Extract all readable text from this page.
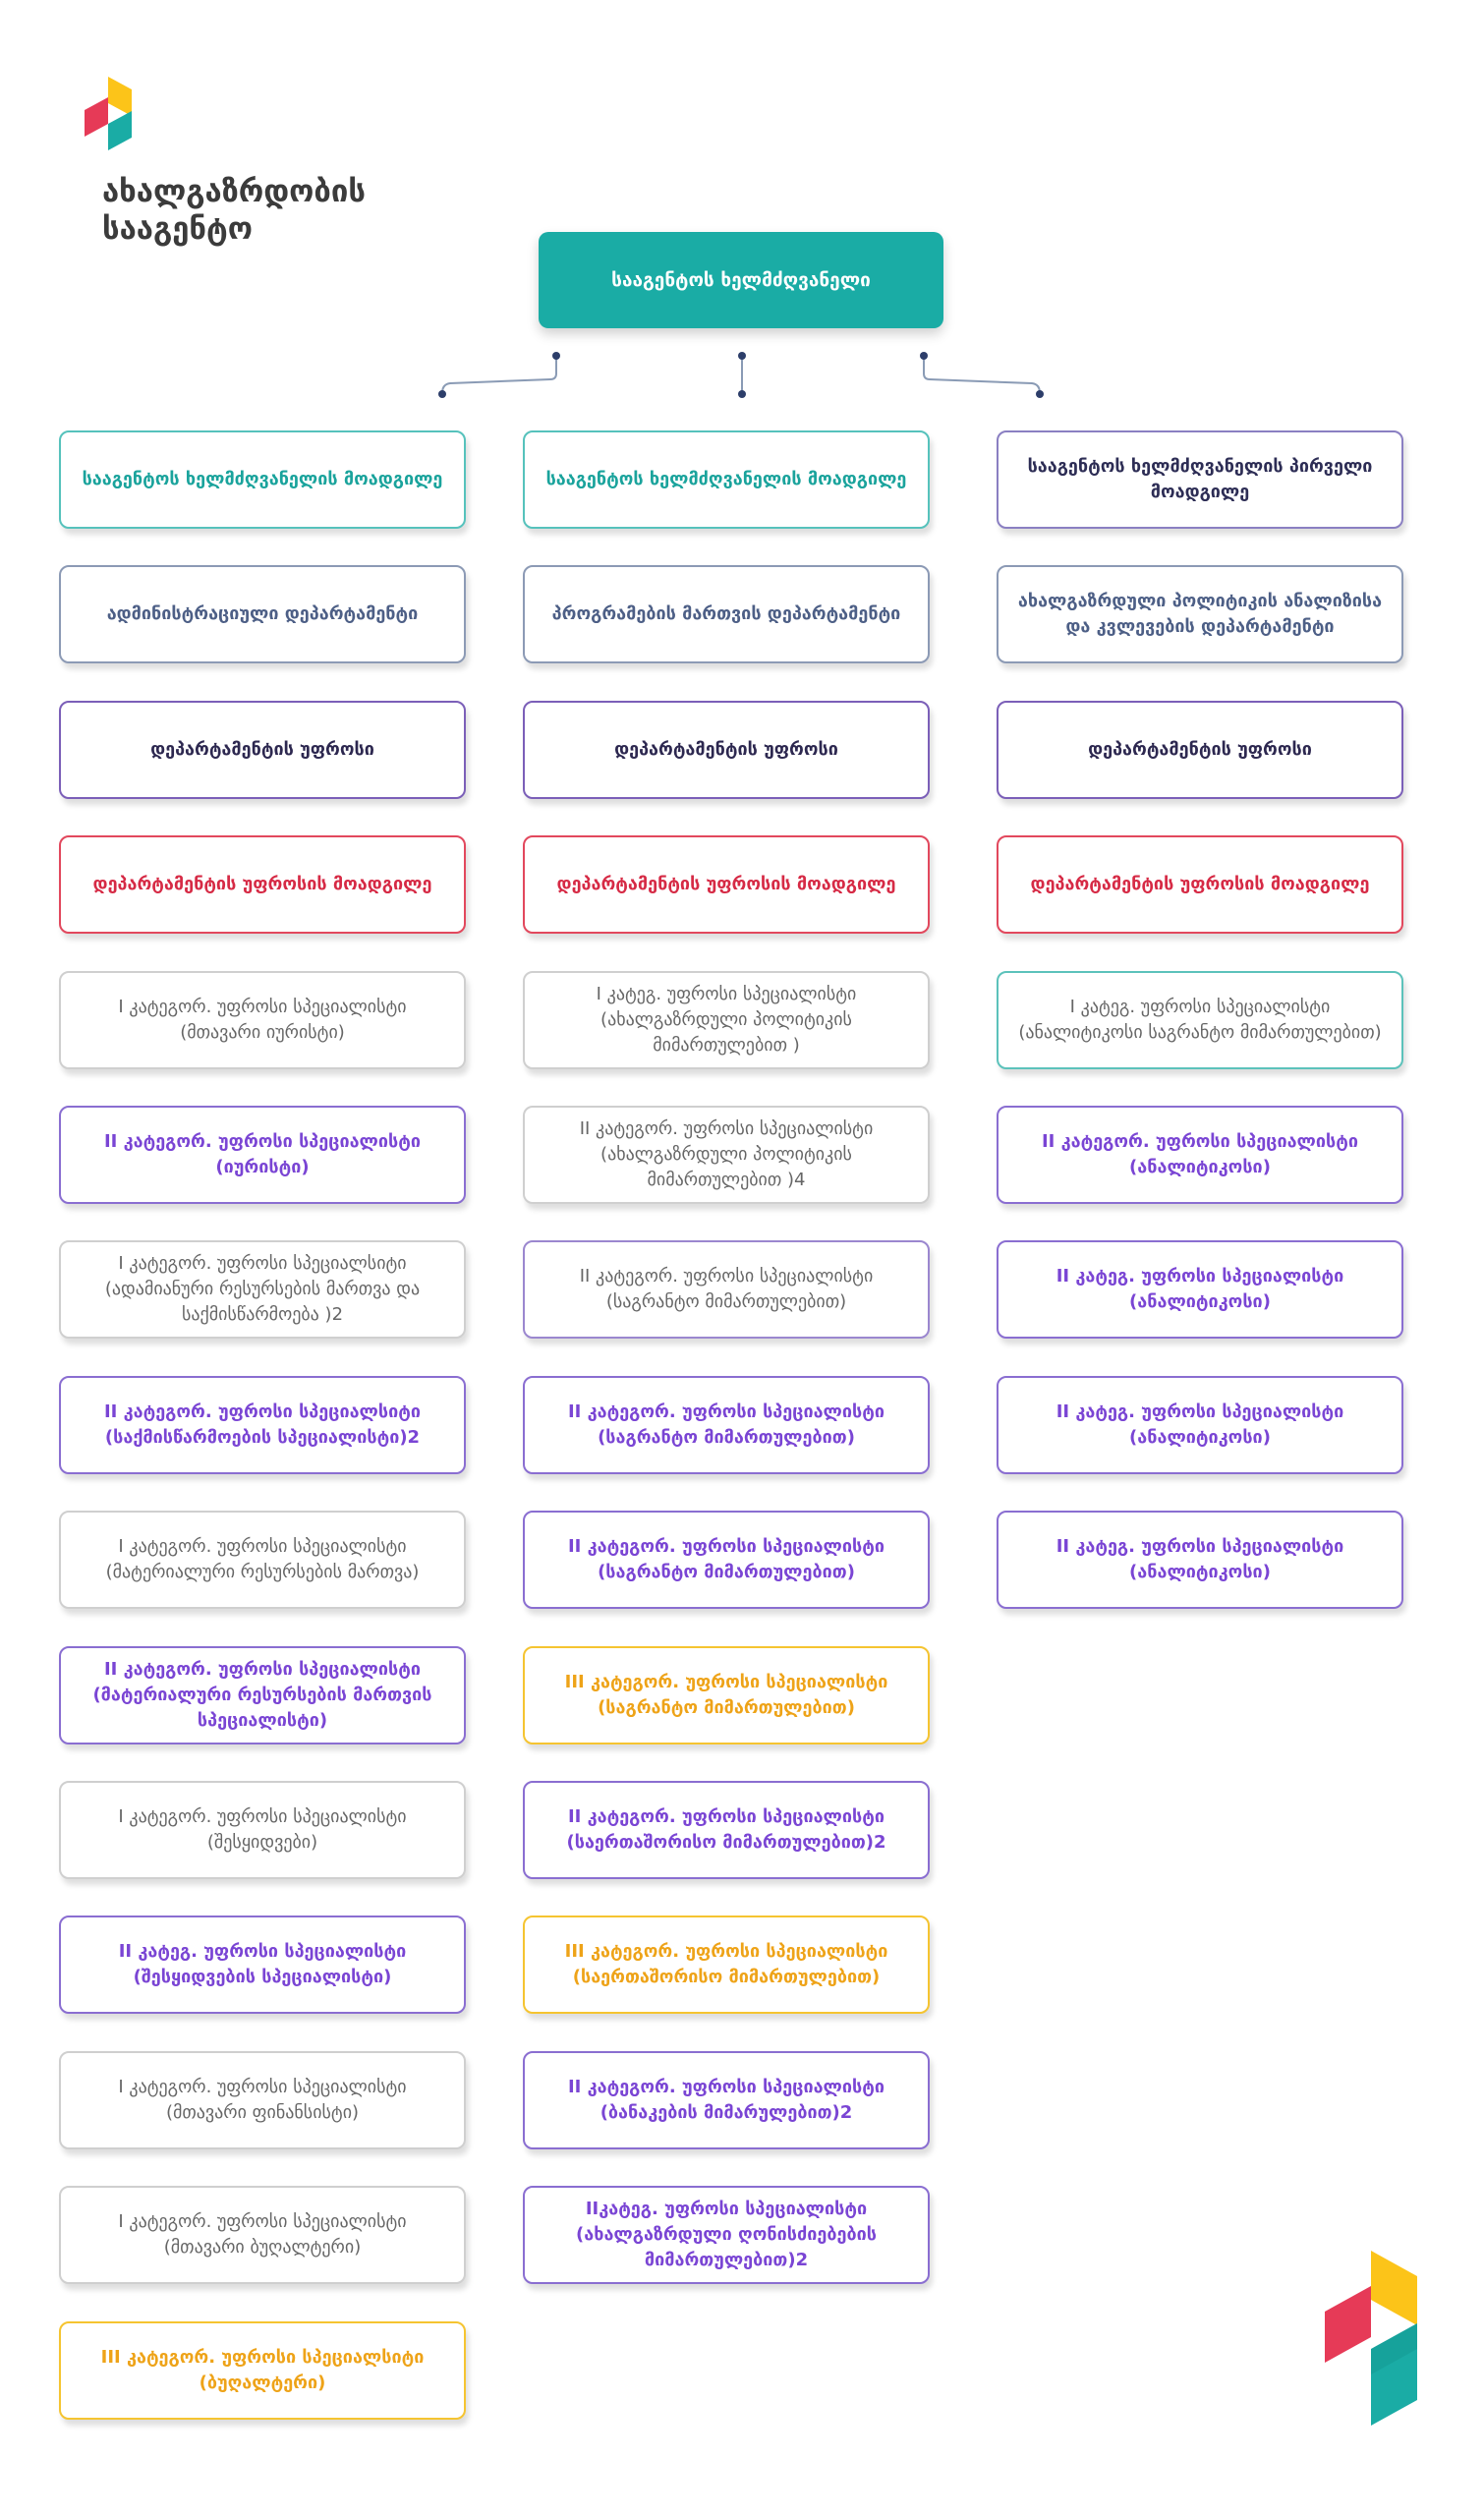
ახალგაზრდობის
სააგენტო
სააგენტოს ხელმძღვანელი
სააგენტოს ხელმძღვანელის მოადგილე
ადმინისტრაციული დეპარტამენტი
დეპარტამენტის უფროსი
დეპარტამენტის უფროსის მოადგილე
I კატეგორ. უფროსი სპეციალისტი (მთავარი იურისტი)
II კატეგორ. უფროსი სპეციალისტი (იურისტი)
I კატეგორ. უფროსი სპეციალსიტი (ადამიანური რესურსების მართვა და საქმისწარმოება )2
II კატეგორ. უფროსი სპეციალსიტი (საქმისწარმოების სპეციალისტი)2
I კატეგორ. უფროსი სპეციალისტი (მატერიალური რესურსების მართვა)
II კატეგორ. უფროსი სპეციალისტი (მატერიალური რესურსების მართვის სპეციალისტი)
I კატეგორ. უფროსი სპეციალისტი (შესყიდვები)
II კატეგ. უფროსი სპეციალისტი (შესყიდვების სპეციალისტი)
I კატეგორ. უფროსი სპეციალისტი (მთავარი ფინანსისტი)
I კატეგორ. უფროსი სპეციალისტი (მთავარი ბუღალტერი)
III კატეგორ. უფროსი სპეციალსიტი (ბუღალტერი)
სააგენტოს ხელმძღვანელის მოადგილე
პროგრამების მართვის დეპარტამენტი
დეპარტამენტის უფროსი
დეპარტამენტის უფროსის მოადგილე
I კატეგ. უფროსი სპეციალისტი (ახალგაზრდული პოლიტიკის მიმართულებით )
II კატეგორ. უფროსი სპეციალისტი (ახალგაზრდული პოლიტიკის მიმართულებით )4
II კატეგორ. უფროსი სპეციალისტი (საგრანტო მიმართულებით)
II კატეგორ. უფროსი სპეციალისტი (საგრანტო მიმართულებით)
II კატეგორ. უფროსი სპეციალისტი (საგრანტო მიმართულებით)
III კატეგორ. უფროსი სპეციალისტი (საგრანტო მიმართულებით)
II კატეგორ. უფროსი სპეციალისტი (საერთაშორისო მიმართულებით)2
III კატეგორ. უფროსი სპეციალისტი (საერთაშორისო მიმართულებით)
II კატეგორ. უფროსი სპეციალისტი (ბანაკების მიმარულებით)2
IIკატეგ. უფროსი სპეციალისტი (ახალგაზრდული ღონისძიებების მიმართულებით)2
სააგენტოს ხელმძღვანელის პირველი მოადგილე
ახალგაზრდული პოლიტიკის ანალიზისა და კვლევების დეპარტამენტი
დეპარტამენტის უფროსი
დეპარტამენტის უფროსის მოადგილე
I კატეგ. უფროსი სპეციალისტი (ანალიტიკოსი საგრანტო მიმართულებით)
II კატეგორ. უფროსი სპეციალისტი (ანალიტიკოსი)
II კატეგ. უფროსი სპეციალისტი (ანალიტიკოსი)
II კატეგ. უფროსი სპეციალისტი (ანალიტიკოსი)
II კატეგ. უფროსი სპეციალისტი (ანალიტიკოსი)
